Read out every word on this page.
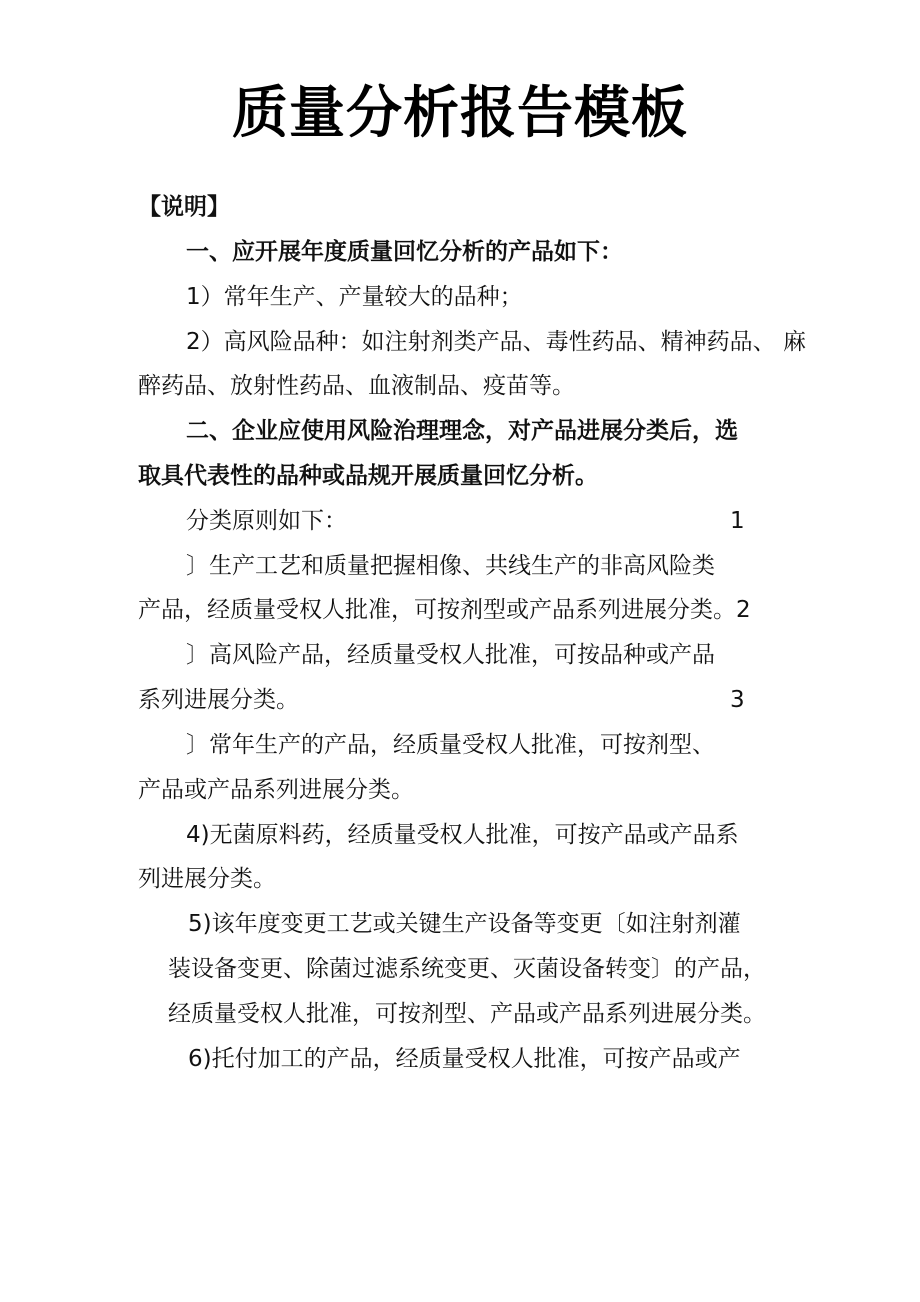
质量分析报告模板
【说明】
一、应开展年度质量回忆分析的产品如下：
1）常年生产、产量较大的品种；
2）高风险品种：如注射剂类产品、毒性药品、精神药品、 麻
醉药品、放射性药品、血液制品、疫苗等。
二、企业应使用风险治理理念，对产品进展分类后，选
取具代表性的品种或品规开展质量回忆分析。
分类原则如下：	1
〕生产工艺和质量把握相像、共线生产的非高风险类
产品，经质量受权人批准，可按剂型或产品系列进展分类。2
〕高风险产品，经质量受权人批准，可按品种或产品
系列进展分类。	3
〕常年生产的产品，经质量受权人批准，可按剂型、
产品或产品系列进展分类。
4)无菌原料药，经质量受权人批准，可按产品或产品系
列进展分类。
5)该年度变更工艺或关键生产设备等变更〔如注射剂灌
装设备变更、除菌过滤系统变更、灭菌设备转变〕的产品，
经质量受权人批准，可按剂型、产品或产品系列进展分类。
6)托付加工的产品，经质量受权人批准，可按产品或产
